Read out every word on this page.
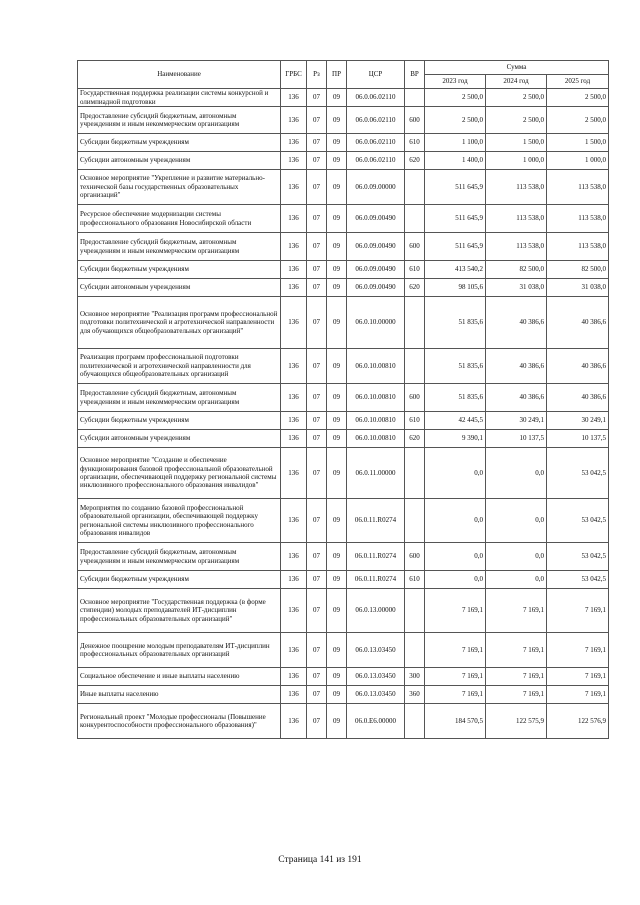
Наименование	ГРБС	Рз	ПР	ЦСР	ВР	Сумма		
						2023 год	2024 год	2025 год
Государственная поддержка реализации системы конкурсной и олимпиадной подготовки	136	07	09	06.0.06.02110		2 500,0	2 500,0	2 500,0
Предоставление субсидий бюджетным, автономным учреждениям и иным некоммерческим организациям	136	07	09	06.0.06.02110	600	2 500,0	2 500,0	2 500,0
Субсидии бюджетным учреждениям	136	07	09	06.0.06.02110	610	1 100,0	1 500,0	1 500,0
Субсидии автономным учреждениям	136	07	09	06.0.06.02110	620	1 400,0	1 000,0	1 000,0
Основное мероприятие "Укрепление и развитие материально-технической базы государственных образовательных организаций"	136	07	09	06.0.09.00000		511 645,9	113 538,0	113 538,0
Ресурсное обеспечение модернизации системы профессионального образования Новосибирской области	136	07	09	06.0.09.00490		511 645,9	113 538,0	113 538,0
Предоставление субсидий бюджетным, автономным учреждениям и иным некоммерческим организациям	136	07	09	06.0.09.00490	600	511 645,9	113 538,0	113 538,0
Субсидии бюджетным учреждениям	136	07	09	06.0.09.00490	610	413 540,2	82 500,0	82 500,0
Субсидии автономным учреждениям	136	07	09	06.0.09.00490	620	98 105,6	31 038,0	31 038,0
Основное мероприятие "Реализация программ профессиональной подготовки политехнической и агротехнической направленности для обучающихся общеобразовательных организаций"	136	07	09	06.0.10.00000		51 835,6	40 386,6	40 386,6
Реализация программ профессиональной подготовки политехнической и агротехнической направленности для обучающихся общеобразовательных организаций	136	07	09	06.0.10.00810		51 835,6	40 386,6	40 386,6
Предоставление субсидий бюджетным, автономным учреждениям и иным некоммерческим организациям	136	07	09	06.0.10.00810	600	51 835,6	40 386,6	40 386,6
Субсидии бюджетным учреждениям	136	07	09	06.0.10.00810	610	42 445,5	30 249,1	30 249,1
Субсидии автономным учреждениям	136	07	09	06.0.10.00810	620	9 390,1	10 137,5	10 137,5
Основное мероприятие "Создание и обеспечение функционирования базовой профессиональной образовательной организации, обеспечивающей поддержку региональной системы инклюзивного профессионального образования инвалидов"	136	07	09	06.0.11.00000		0,0	0,0	53 042,5
Мероприятия по созданию базовой профессиональной образовательной организации, обеспечивающей поддержку региональной системы инклюзивного профессионального образования инвалидов	136	07	09	06.0.11.R0274		0,0	0,0	53 042,5
Предоставление субсидий бюджетным, автономным учреждениям и иным некоммерческим организациям	136	07	09	06.0.11.R0274	600	0,0	0,0	53 042,5
Субсидии бюджетным учреждениям	136	07	09	06.0.11.R0274	610	0,0	0,0	53 042,5
Основное мероприятие "Государственная поддержка (в форме стипендии) молодых преподавателей ИТ-дисциплин профессиональных образовательных организаций"	136	07	09	06.0.13.00000		7 169,1	7 169,1	7 169,1
Денежное поощрение молодым преподавателям ИТ-дисциплин профессиональных образовательных организаций	136	07	09	06.0.13.03450		7 169,1	7 169,1	7 169,1
Социальное обеспечение и иные выплаты населению	136	07	09	06.0.13.03450	300	7 169,1	7 169,1	7 169,1
Иные выплаты населению	136	07	09	06.0.13.03450	360	7 169,1	7 169,1	7 169,1
Региональный проект "Молодые профессионалы (Повышение конкурентоспособности профессионального образования)"	136	07	09	06.0.E6.00000		184 570,5	122 575,9	122 576,9
Страница 141 из 191
